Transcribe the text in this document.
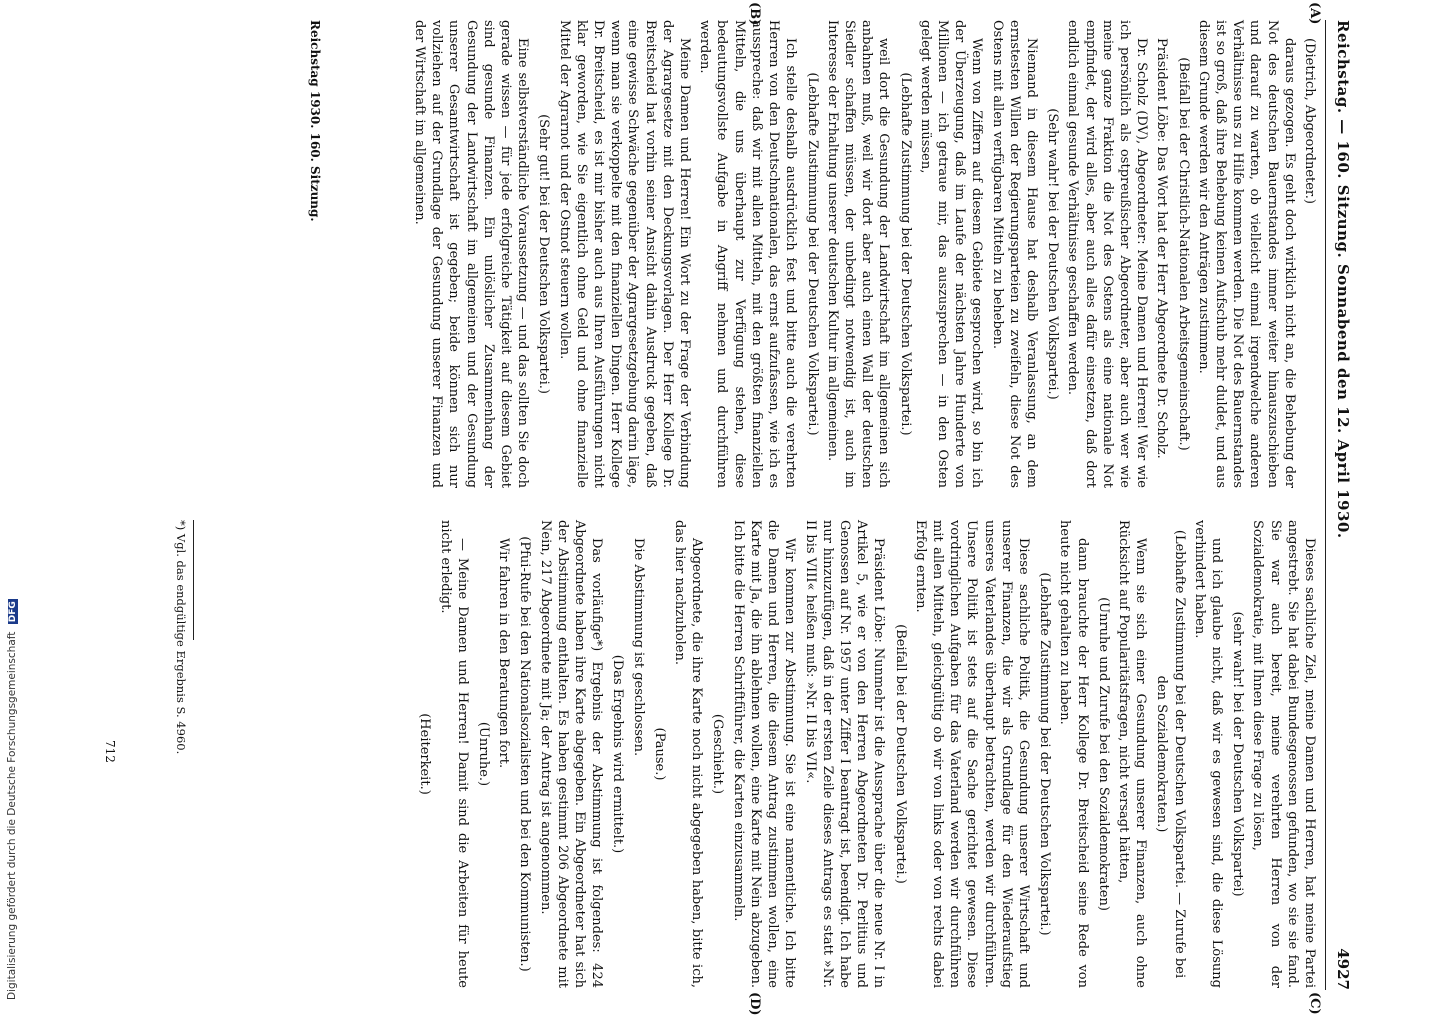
Reichstag. — 160. Sitzung. Sonnabend den 12. April 1930.
4927
(A)
(B)
(C)
(D)

(Dietrich, Abgeordneter.)

daraus gezogen. Es geht doch wirklich nicht an, die Behebung der Not des deutschen Bauernstandes immer weiter hinauszuschieben und darauf zu warten, ob vielleicht einmal irgendwelche anderen Verhältnisse uns zu Hilfe kommen werden. Die Not des Bauernstandes ist so groß, daß ihre Behebung keinen Aufschub mehr duldet, und aus diesem Grunde werden wir den Anträgen zustimmen.

(Beifall bei der Christlich-Nationalen Arbeitsgemeinschaft.)

Präsident Löbe: Das Wort hat der Herr Abgeordnete Dr. Scholz.

Dr. Scholz (DV), Abgeordneter: Meine Damen und Herren! Wer wie ich persönlich als ostpreußischer Abgeordneter, aber auch wer wie meine ganze Fraktion die Not des Ostens als eine nationale Not empfindet, der wird alles, aber auch alles dafür einsetzen, daß dort endlich einmal gesunde Verhältnisse geschaffen werden.

(Sehr wahr! bei der Deutschen Volkspartei.)

Niemand in diesem Hause hat deshalb Veranlassung, an dem ernstesten Willen der Regierungsparteien zu zweifeln, diese Not des Ostens mit allen verfügbaren Mitteln zu beheben.

Wenn von Ziffern auf diesem Gebiete gesprochen wird, so bin ich der Überzeugung, daß im Laufe der nächsten Jahre Hunderte von Millionen — ich getraue mir, das auszusprechen — in den Osten gelegt werden müssen,

(Lebhafte Zustimmung bei der Deutschen Volkspartei.)

weil dort die Gesundung der Landwirtschaft im allgemeinen sich anbahnen muß, weil wir dort aber auch einen Wall der deutschen Siedler schaffen müssen, der unbedingt notwendig ist, auch im Interesse der Erhaltung unserer deutschen Kultur im allgemeinen.

(Lebhafte Zustimmung bei der Deutschen Volkspartei.)

Ich stelle deshalb ausdrücklich fest und bitte auch die verehrten Herren von den Deutschnationalen, das ernst aufzufassen, wie ich es ausspreche: daß wir mit allen Mitteln, mit den größten finanziellen Mitteln, die uns überhaupt zur Verfügung stehen, diese bedeutungsvollste Aufgabe in Angriff nehmen und durchführen werden.

Meine Damen und Herren! Ein Wort zu der Frage der Verbindung der Agrargesetze mit den Deckungsvorlagen. Der Herr Kollege Dr. Breitscheid hat vorhin seiner Ansicht dahin Ausdruck gegeben, daß eine gewisse Schwäche gegenüber der Agrargesetzgebung darin läge, wenn man sie verkoppelte mit den finanziellen Dingen. Herr Kollege Dr. Breitscheid, es ist mir bisher auch aus Ihren Ausführungen nicht klar geworden, wie Sie eigentlich ohne Geld und ohne finanzielle Mittel der Agrarnot und der Ostnot steuern wollen.

(Sehr gut! bei der Deutschen Volkspartei.)

Eine selbstverständliche Voraussetzung — und das sollten Sie doch gerade wissen — für jede erfolgreiche Tätigkeit auf diesem Gebiet sind gesunde Finanzen. Ein unlöslicher Zusammenhang der Gesundung der Landwirtschaft im allgemeinen und der Gesundung unserer Gesamtwirtschaft ist gegeben; beide können sich nur vollziehen auf der Grundlage der Gesundung unserer Finanzen und der Wirtschaft im allgemeinen.

Dieses sachliche Ziel, meine Damen und Herren, hat meine Partei angestrebt. Sie hat dabei Bundesgenossen gefunden, wo sie sie fand. Sie war auch bereit, meine verehrten Herren von der Sozialdemokratie, mit Ihnen diese Frage zu lösen,

(sehr wahr! bei der Deutschen Volkspartei)

und ich glaube nicht, daß wir es gewesen sind, die diese Lösung verhindert haben.

(Lebhafte Zustimmung bei der Deutschen Volkspartei. — Zurufe bei den Sozialdemokraten.)

Wenn sie sich einer Gesundung unserer Finanzen, auch ohne Rücksicht auf Popularitätsfragen, nicht versagt hätten,

(Unruhe und Zurufe bei den Sozialdemokraten)

dann brauchte der Herr Kollege Dr. Breitscheid seine Rede von heute nicht gehalten zu haben.

(Lebhafte Zustimmung bei der Deutschen Volkspartei.)

Diese sachliche Politik, die Gesundung unserer Wirtschaft und unserer Finanzen, die wir als Grundlage für den Wiederaufstieg unseres Vaterlandes überhaupt betrachten, werden wir durchführen. Unsere Politik ist stets auf die Sache gerichtet gewesen. Diese vordringlichen Aufgaben für das Vaterland werden wir durchführen mit allen Mitteln, gleichgültig ob wir von links oder von rechts dabei Erfolg ernten.

(Beifall bei der Deutschen Volkspartei.)

Präsident Löbe: Nunmehr ist die Aussprache über die neue Nr. I in Artikel 5, wie er von den Herren Abgeordneten Dr. Perlitius und Genossen auf Nr. 1957 unter Ziffer I beantragt ist, beendigt. Ich habe nur hinzuzufügen, daß in der ersten Zeile dieses Antrags es statt »Nr. II bis VIII« heißen muß: »Nr. II bis VII«.

Wir kommen zur Abstimmung. Sie ist eine namentliche. Ich bitte die Damen und Herren, die diesem Antrag zustimmen wollen, eine Karte mit Ja, die ihn ablehnen wollen, eine Karte mit Nein abzugeben. Ich bitte die Herren Schriftführer, die Karten einzusammeln.

(Geschieht.)

Abgeordnete, die ihre Karte noch nicht abgegeben haben, bitte ich, das hier nachzuholen.

(Pause.)

Die Abstimmung ist geschlossen.

(Das Ergebnis wird ermittelt.)

Das vorläufige*) Ergebnis der Abstimmung ist folgendes: 424 Abgeordnete haben ihre Karte abgegeben. Ein Abgeordneter hat sich der Abstimmung enthalten. Es haben gestimmt 206 Abgeordnete mit Nein, 217 Abgeordnete mit Ja; der Antrag ist angenommen.

(Pfui-Rufe bei den Nationalsozialisten und bei den Kommunisten.)

Wir fahren in den Beratungen fort.

(Unruhe.)

— Meine Damen und Herren! Damit sind die Arbeiten für heute nicht erledigt.

(Heiterkeit.)

Reichstag 1930. 160. Sitzung.
*) Vgl. das endgültige Ergebnis S. 4960.
712
Digitalisierung gefördert durch die Deutsche Forschungsgemeinschaft DFG
